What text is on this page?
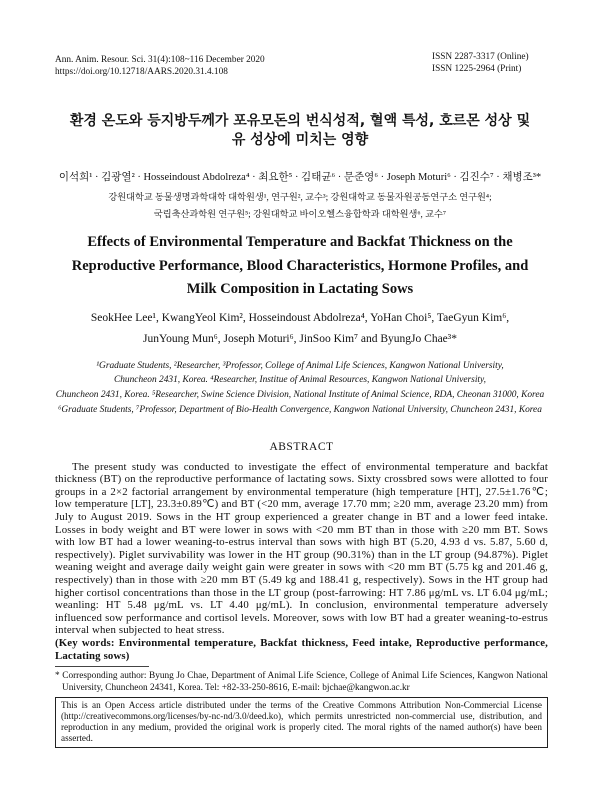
Ann. Anim. Resour. Sci. 31(4):108~116 December 2020
https://doi.org/10.12718/AARS.2020.31.4.108
ISSN 2287-3317 (Online)
ISSN 1225-2964 (Print)
환경 온도와 등지방두께가 포유모돈의 번식성적, 혈액 특성, 호르몬 성상 및
유 성상에 미치는 영향
이석희¹ · 김광열² · Hosseindoust Abdolreza⁴ · 최요한⁵ · 김태균⁶ · 문준영⁶ · Joseph Moturi⁶ · 김진수⁷ · 채병조³*
강원대학교 동물생명과학대학 대학원생¹, 연구원², 교수³; 강원대학교 동물자원공동연구소 연구원⁴;
국립축산과학원 연구원⁵; 강원대학교 바이오헬스융합학과 대학원생⁶, 교수⁷
Effects of Environmental Temperature and Backfat Thickness on the
Reproductive Performance, Blood Characteristics, Hormone Profiles, and
Milk Composition in Lactating Sows
SeokHee Lee¹, KwangYeol Kim², Hosseindoust Abdolreza⁴, YoHan Choi⁵, TaeGyun Kim⁶,
JunYoung Mun⁶, Joseph Moturi⁶, JinSoo Kim⁷ and ByungJo Chae³*
¹Graduate Students, ²Researcher, ³Professor, College of Animal Life Sciences, Kangwon National University,
Chuncheon 2431, Korea. ⁴Researcher, Institue of Animal Resources, Kangwon National University,
Chuncheon 2431, Korea. ⁵Researcher, Swine Science Division, National Institute of Animal Science, RDA, Cheonan 31000, Korea
⁶Graduate Students, ⁷Professor, Department of Bio-Health Convergence, Kangwon National University, Chuncheon 2431, Korea
ABSTRACT

The present study was conducted to investigate the effect of environmental temperature and backfat thickness (BT) on the reproductive performance of lactating sows. Sixty crossbred sows were allotted to four groups in a 2×2 factorial arrangement by environmental temperature (high temperature [HT], 27.5±1.76℃; low temperature [LT], 23.3±0.89℃) and BT (<20 mm, average 17.70 mm; ≥20 mm, average 23.20 mm) from July to August 2019. Sows in the HT group experienced a greater change in BT and a lower feed intake. Losses in body weight and BT were lower in sows with <20 mm BT than in those with ≥20 mm BT. Sows with low BT had a lower weaning-to-estrus interval than sows with high BT (5.20, 4.93 d vs. 5.87, 5.60 d, respectively). Piglet survivability was lower in the HT group (90.31%) than in the LT group (94.87%). Piglet weaning weight and average daily weight gain were greater in sows with <20 mm BT (5.75 kg and 201.46 g, respectively) than in those with ≥20 mm BT (5.49 kg and 188.41 g, respectively). Sows in the HT group had higher cortisol concentrations than those in the LT group (post-farrowing: HT 7.86 μg/mL vs. LT 6.04 μg/mL; weanling: HT 5.48 μg/mL vs. LT 4.40 μg/mL). In conclusion, environmental temperature adversely influenced sow performance and cortisol levels. Moreover, sows with low BT had a greater weaning-to-estrus interval when subjected to heat stress.

(Key words: Environmental temperature, Backfat thickness, Feed intake, Reproductive performance, Lactating sows)

* Corresponding author: Byung Jo Chae, Department of Animal Life Science, College of Animal Life Sciences, Kangwon National University, Chuncheon 24341, Korea. Tel: +82-33-250-8616, E-mail: bjchae@kangwon.ac.kr

This is an Open Access article distributed under the terms of the Creative Commons Attribution Non-Commercial License (http://creativecommons.org/licenses/by-nc-nd/3.0/deed.ko), which permits unrestricted non-commercial use, distribution, and reproduction in any medium, provided the original work is properly cited. The moral rights of the named author(s) have been asserted.
